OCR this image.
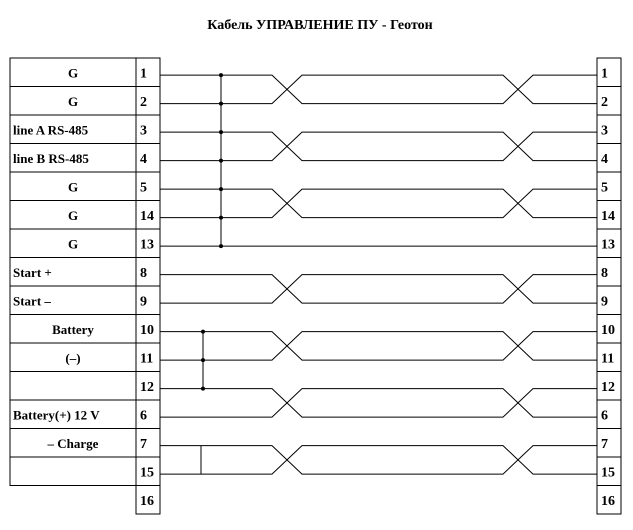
Кабель УПРАВЛЕНИЕ ПУ - Геотон
G	1
G	2
line A RS-485	3
line B RS-485	4
G	5
G	14
G	13
Start +	8
Start –	9
Battery	10
(–)	11
12
Battery(+) 12 V	6
– Charge	7
15
16
1
2
3
4
5
14
13
8
9
10
11
12
6
7
15
16
